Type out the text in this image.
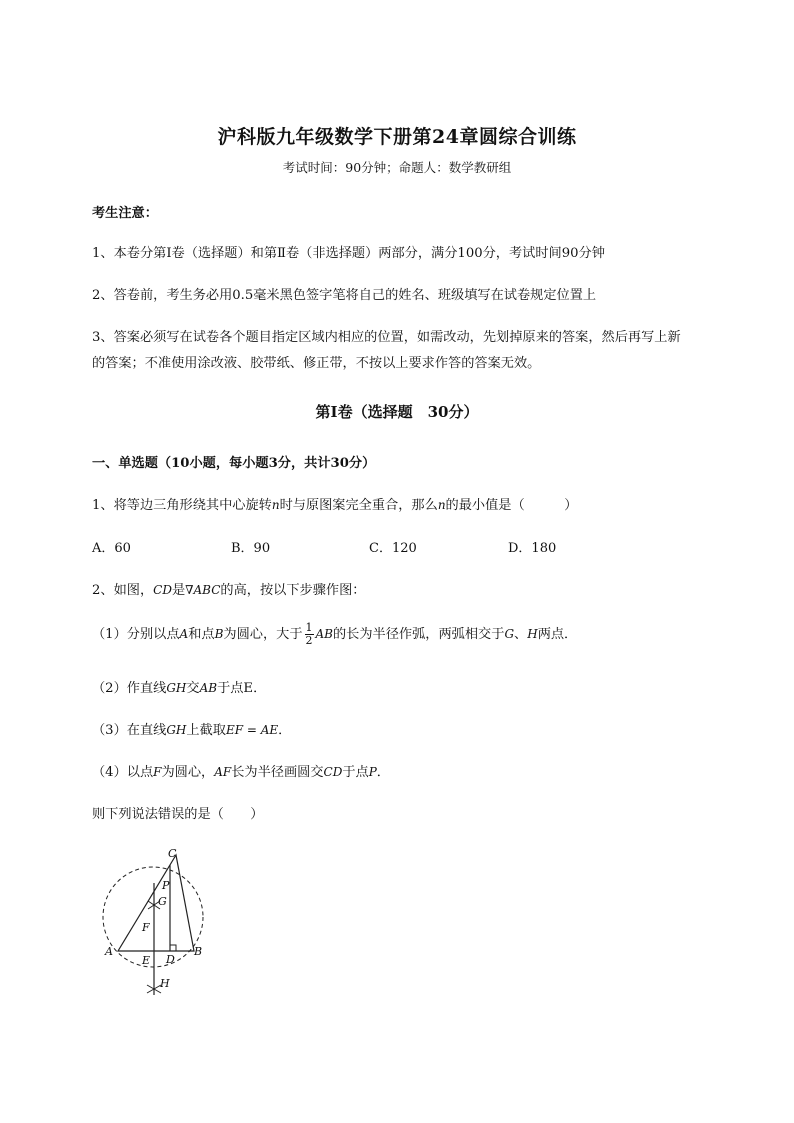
沪科版九年级数学下册第24章圆综合训练
考试时间：90分钟；命题人：数学教研组
考生注意：
1、本卷分第I卷（选择题）和第Ⅱ卷（非选择题）两部分，满分100分，考试时间90分钟
2、答卷前，考生务必用0.5毫米黑色签字笔将自己的姓名、班级填写在试卷规定位置上
3、答案必须写在试卷各个题目指定区域内相应的位置，如需改动，先划掉原来的答案，然后再写上新
的答案；不准使用涂改液、胶带纸、修正带，不按以上要求作答的答案无效。
第I卷（选择题　30分）
一、单选题（10小题，每小题3分，共计30分）
1、将等边三角形绕其中心旋转n时与原图案完全重合，那么n的最小值是（　　　）
A．60	B．90	C．120	D．180
2、如图，CD是∇ABC的高，按以下步骤作图：
（1）分别以点A和点B为圆心，大于 $\frac{1}{2}$ AB的长为半径作弧，两弧相交于G、H两点．
（2）作直线GH交AB于点E．
（3）在直线GH上截取EF = AE．
（4）以点F为圆心，AF长为半径画圆交CD于点P．
则下列说法错误的是（　　）
C
P
G
F
A	B
E D
H
